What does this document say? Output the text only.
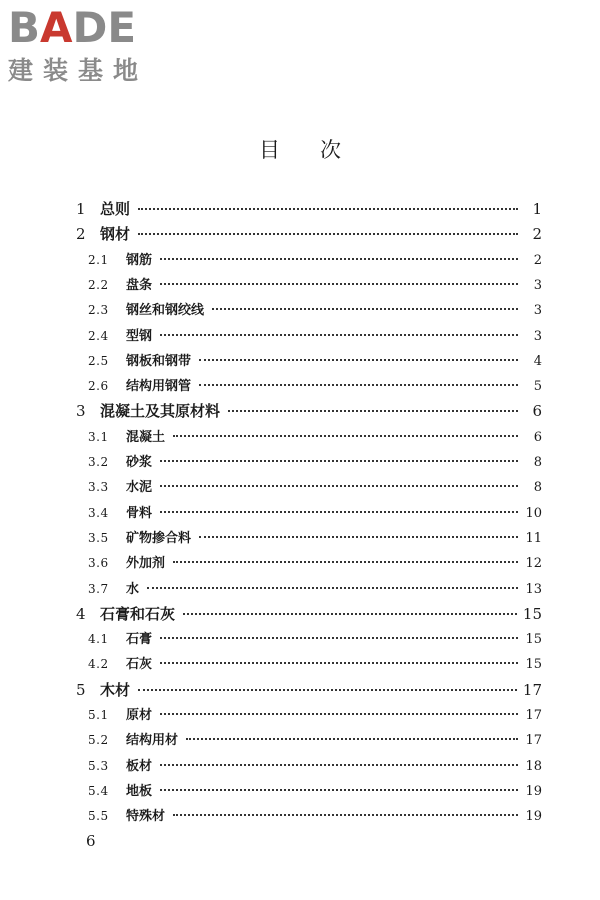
BADE
建装基地
目次
1 总则	1
2 钢材	2
2.1	钢筋	2
2.2	盘条	3
2.3	钢丝和钢绞线	3
2.4	型钢	3
2.5	钢板和钢带	4
2.6	结构用钢管	5
3 混凝土及其原材料	6
3.1	混凝土	6
3.2	砂浆	8
3.3	水泥	8
3.4	骨料	10
3.5	矿物掺合料	11
3.6	外加剂	12
3.7	水	13
4 石膏和石灰	15
4.1	石膏	15
4.2	石灰	15
5 木材	17
5.1	原材	17
5.2	结构用材	17
5.3	板材	18
5.4	地板	19
5.5	特殊材	19
6
